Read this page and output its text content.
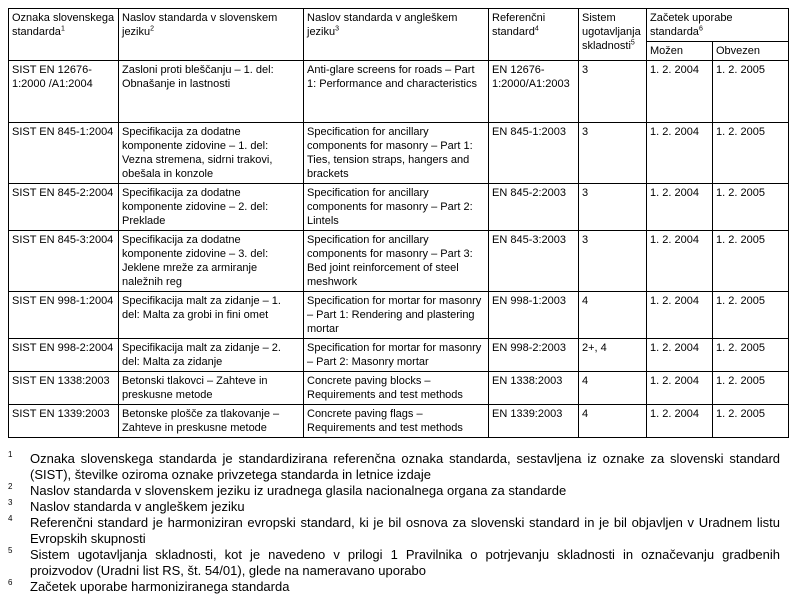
Oznaka slovenskega standarda$^1$	Naslov standarda v slovenskem jeziku$^2$	Naslov standarda v angleškem jeziku$^3$	Referenčni standard$^4$	Sistem ugotavljanja skladnosti$^5$	Začetek uporabe standarda$^6$
					Možen	Obvezen
SIST EN 12676-1:2000 /A1:2004	Zasloni proti bleščanju – 1. del: Obnašanje in lastnosti	Anti-glare screens for roads – Part 1: Performance and characteristics	EN 12676-1:2000/A1:2003	3	1. 2. 2004	1. 2. 2005
SIST EN 845-1:2004	Specifikacija za dodatne komponente zidovine – 1. del: Vezna stremena, sidrni trakovi, obešala in konzole	Specification for ancillary components for masonry – Part 1: Ties, tension straps, hangers and brackets	EN 845-1:2003	3	1. 2. 2004	1. 2. 2005
SIST EN 845-2:2004	Specifikacija za dodatne komponente zidovine – 2. del: Preklade	Specification for ancillary components for masonry – Part 2: Lintels	EN 845-2:2003	3	1. 2. 2004	1. 2. 2005
SIST EN 845-3:2004	Specifikacija za dodatne komponente zidovine – 3. del: Jeklene mreže za armiranje naležnih reg	Specification for ancillary components for masonry – Part 3: Bed joint reinforcement of steel meshwork	EN 845-3:2003	3	1. 2. 2004	1. 2. 2005
SIST EN 998-1:2004	Specifikacija malt za zidanje – 1. del: Malta za grobi in fini omet	Specification for mortar for masonry – Part 1: Rendering and plastering mortar	EN 998-1:2003	4	1. 2. 2004	1. 2. 2005
SIST EN 998-2:2004	Specifikacija malt za zidanje – 2. del: Malta za zidanje	Specification for mortar for masonry – Part 2: Masonry mortar	EN 998-2:2003	2+, 4	1. 2. 2004	1. 2. 2005
SIST EN 1338:2003	Betonski tlakovci – Zahteve in preskusne metode	Concrete paving blocks – Requirements and test methods	EN 1338:2003	4	1. 2. 2004	1. 2. 2005
SIST EN 1339:2003	Betonske plošče za tlakovanje – Zahteve in preskusne metode	Concrete paving flags – Requirements and test methods	EN 1339:2003	4	1. 2. 2004	1. 2. 2005
1 Oznaka slovenskega standarda je standardizirana referenčna oznaka standarda, sestavljena iz oznake za slovenski standard (SIST), številke oziroma oznake privzetega standarda in letnice izdaje
2 Naslov standarda v slovenskem jeziku iz uradnega glasila nacionalnega organa za standarde
3 Naslov standarda v angleškem jeziku
4 Referenčni standard je harmoniziran evropski standard, ki je bil osnova za slovenski standard in je bil objavljen v Uradnem listu Evropskih skupnosti
5 Sistem ugotavljanja skladnosti, kot je navedeno v prilogi 1 Pravilnika o potrjevanju skladnosti in označevanju gradbenih proizvodov (Uradni list RS, št. 54/01), glede na nameravano uporabo
6 Začetek uporabe harmoniziranega standarda
